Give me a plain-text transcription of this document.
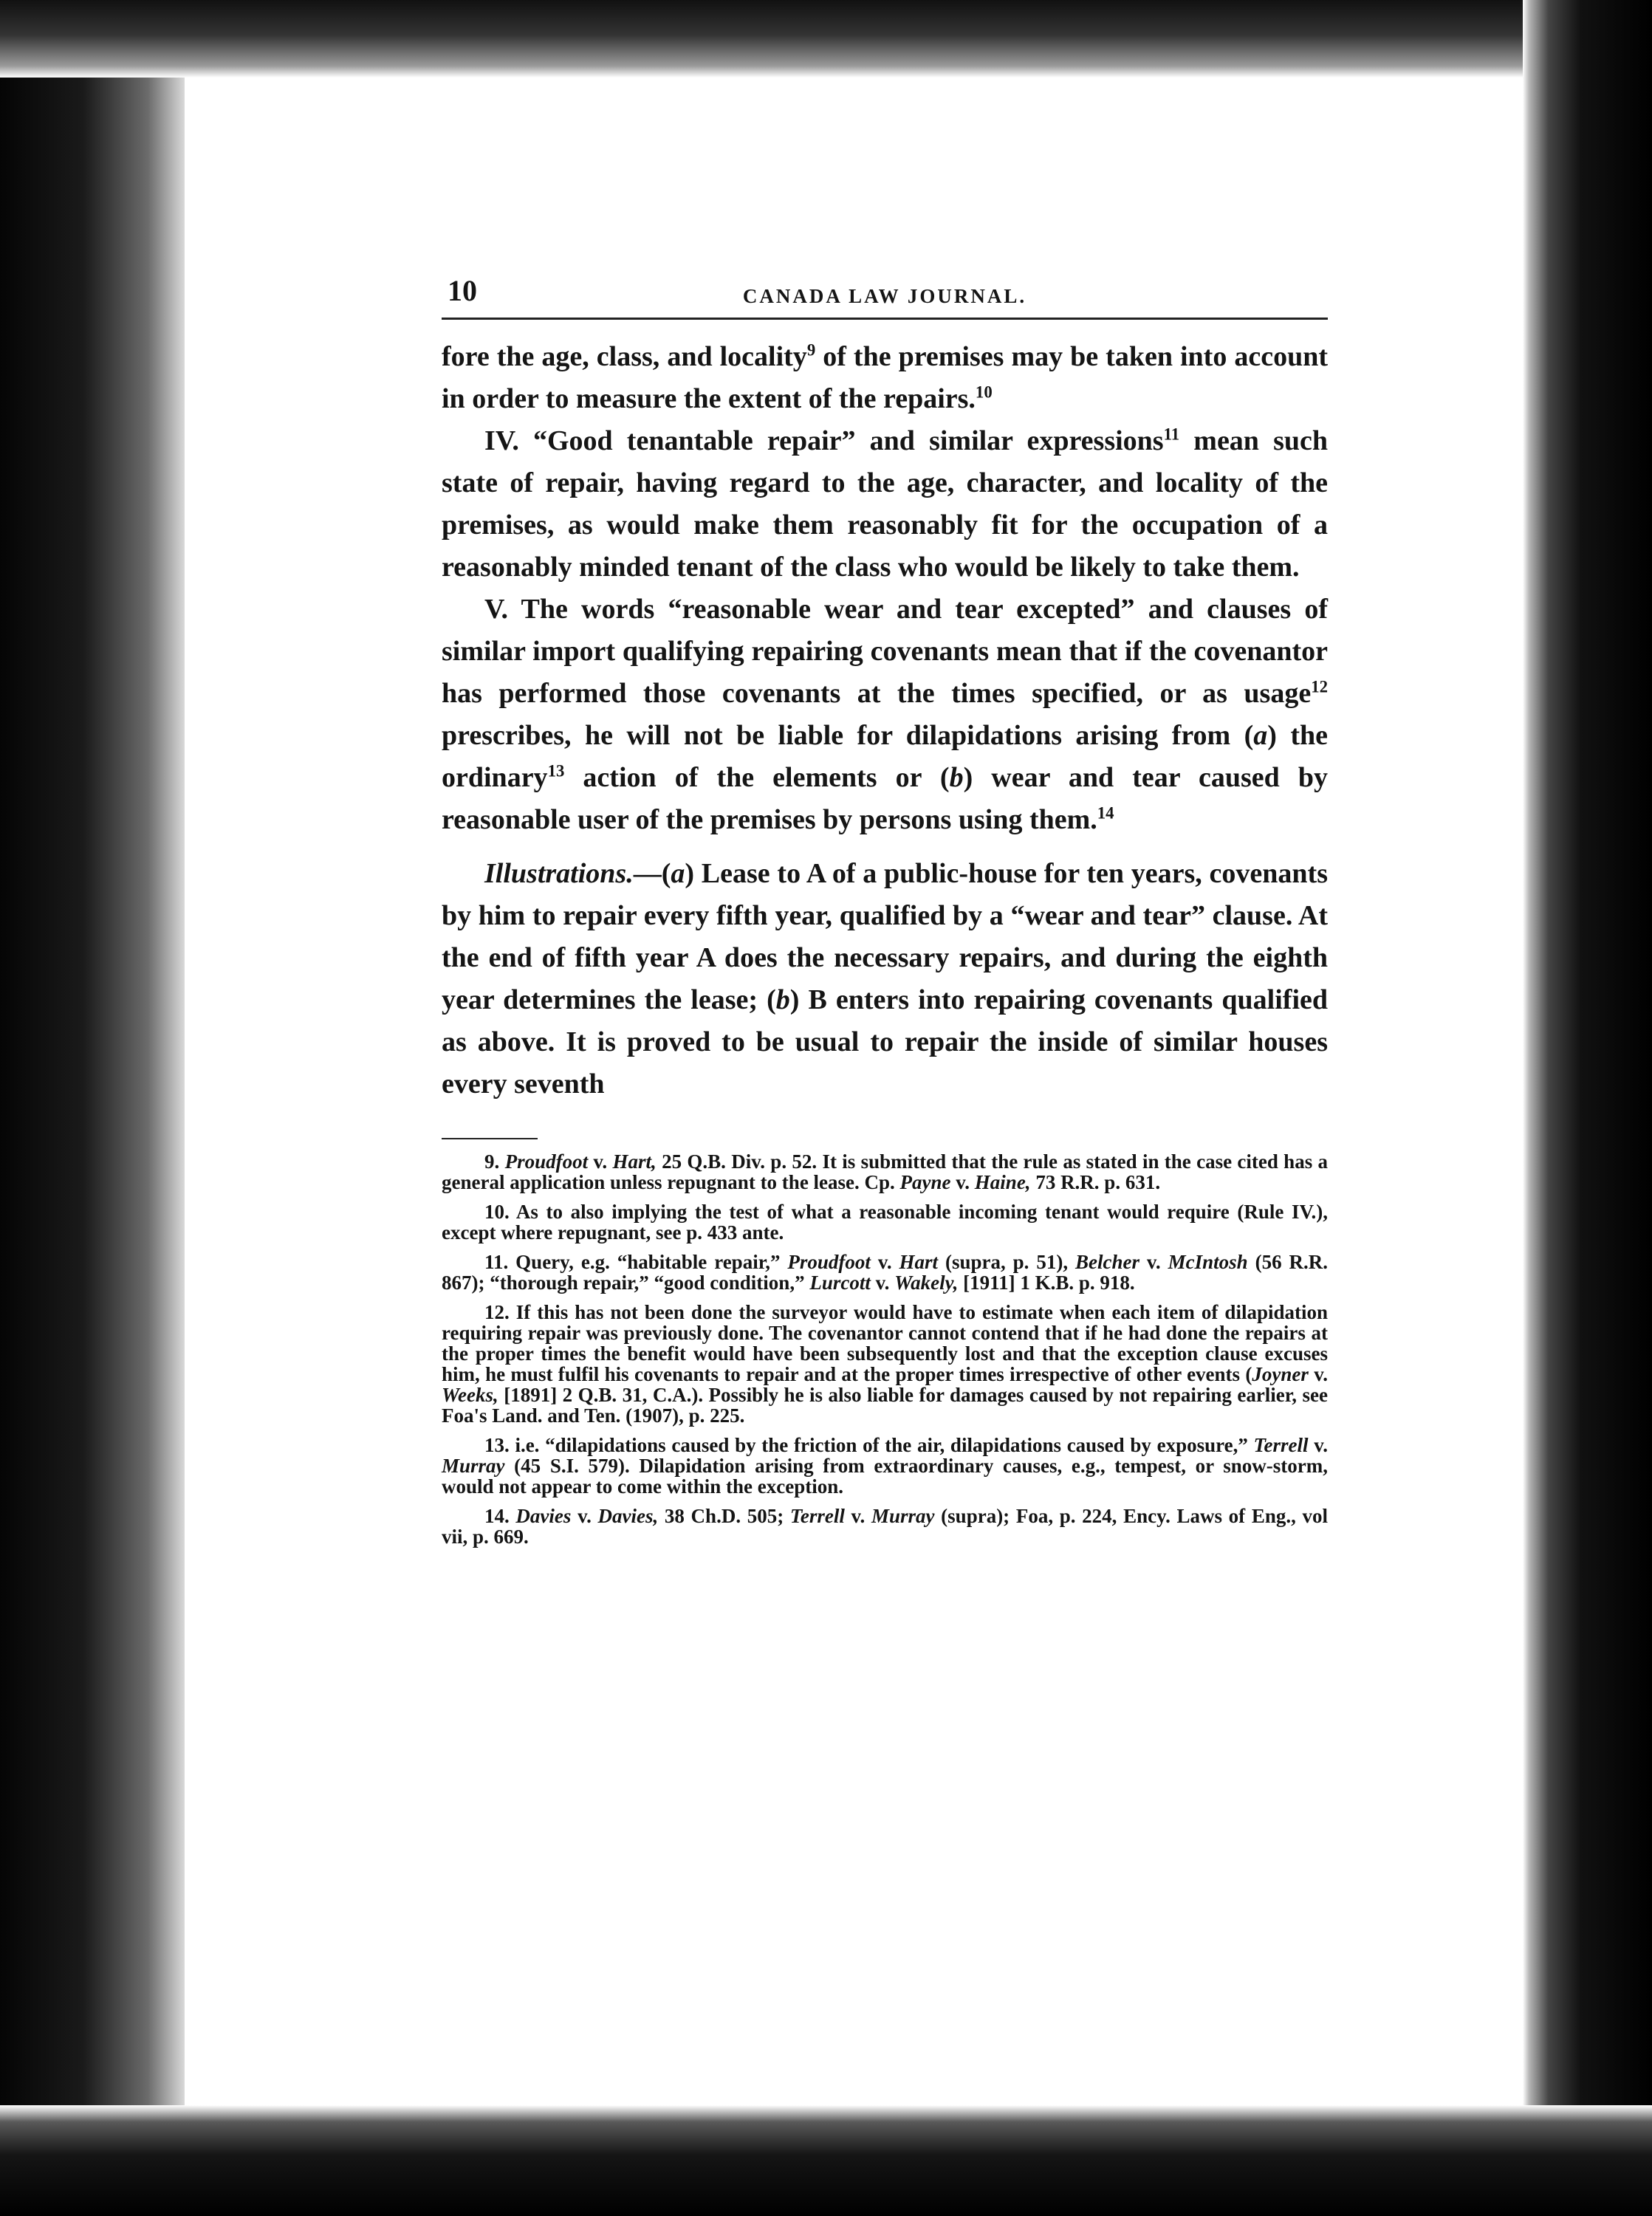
10	CANADA LAW JOURNAL.

fore the age, class, and locality$^9$ of the premises may be taken into account in order to measure the extent of the repairs.$^{10}$

IV. “Good tenantable repair” and similar expressions$^{11}$ mean such state of repair, having regard to the age, character, and locality of the premises, as would make them reasonably fit for the occupation of a reasonably minded tenant of the class who would be likely to take them.

V. The words “reasonable wear and tear excepted” and clauses of similar import qualifying repairing covenants mean that if the covenantor has performed those covenants at the times specified, or as usage$^{12}$ prescribes, he will not be liable for dilapidations arising from (a) the ordinary$^{13}$ action of the elements or (b) wear and tear caused by reasonable user of the premises by persons using them.$^{14}$

Illustrations.—(a) Lease to A of a public-house for ten years, covenants by him to repair every fifth year, qualified by a “wear and tear” clause. At the end of fifth year A does the necessary repairs, and during the eighth year determines the lease; (b) B enters into repairing covenants qualified as above. It is proved to be usual to repair the inside of similar houses every seventh

9. Proudfoot v. Hart, 25 Q.B. Div. p. 52. It is submitted that the rule as stated in the case cited has a general application unless repugnant to the lease. Cp. Payne v. Haine, 73 R.R. p. 631.

10. As to also implying the test of what a reasonable incoming tenant would require (Rule IV.), except where repugnant, see p. 433 ante.

11. Query, e.g. “habitable repair,” Proudfoot v. Hart (supra, p. 51), Belcher v. McIntosh (56 R.R. 867); “thorough repair,” “good condition,” Lurcott v. Wakely, [1911] 1 K.B. p. 918.

12. If this has not been done the surveyor would have to estimate when each item of dilapidation requiring repair was previously done. The covenantor cannot contend that if he had done the repairs at the proper times the benefit would have been subsequently lost and that the exception clause excuses him, he must fulfil his covenants to repair and at the proper times irrespective of other events (Joyner v. Weeks, [1891] 2 Q.B. 31, C.A.). Possibly he is also liable for damages caused by not repairing earlier, see Foa's Land. and Ten. (1907), p. 225.

13. i.e. “dilapidations caused by the friction of the air, dilapidations caused by exposure,” Terrell v. Murray (45 S.I. 579). Dilapidation arising from extraordinary causes, e.g., tempest, or snow-storm, would not appear to come within the exception.

14. Davies v. Davies, 38 Ch.D. 505; Terrell v. Murray (supra); Foa, p. 224, Ency. Laws of Eng., vol vii, p. 669.
